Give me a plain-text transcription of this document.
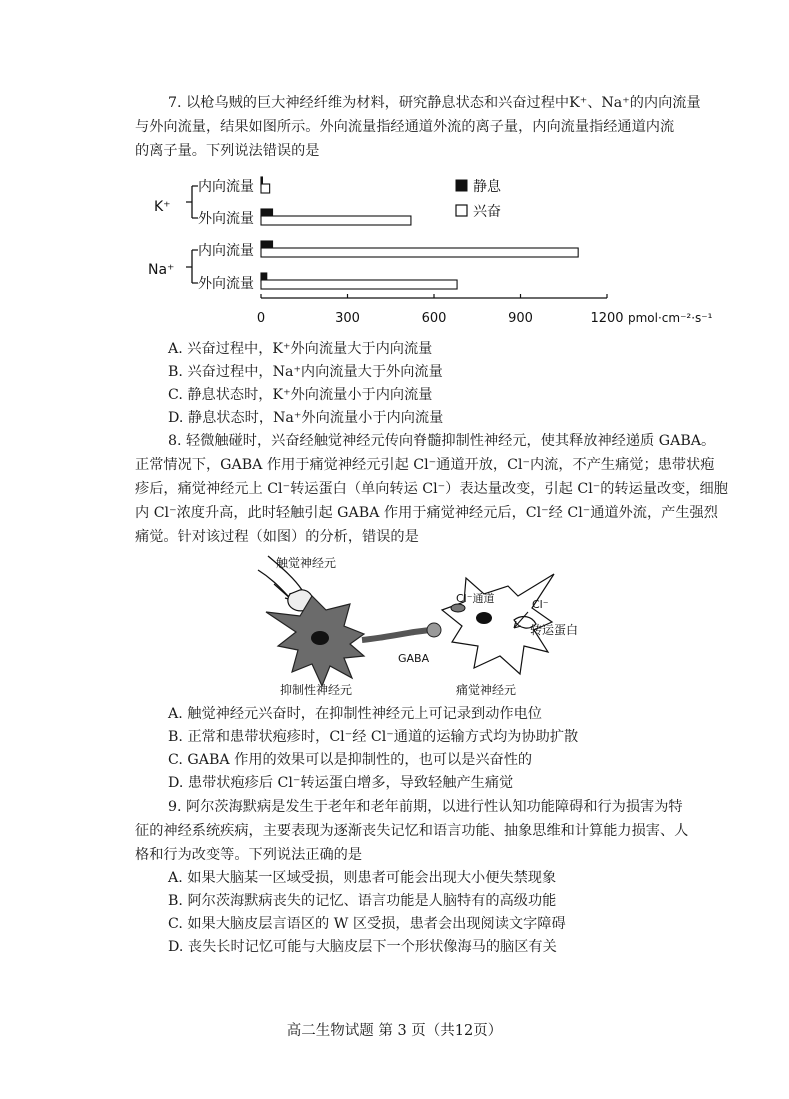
7. 以枪乌贼的巨大神经纤维为材料，研究静息状态和兴奋过程中K⁺、Na⁺的内向流量
与外向流量，结果如图所示。外向流量指经通道外流的离子量，内向流量指经通道内流
的离子量。下列说法错误的是
K⁺
Na⁺
内向流量
外向流量
内向流量
外向流量
0	300	600	900	1200 pmol·cm⁻²·s⁻¹
静息
兴奋
A. 兴奋过程中，K⁺外向流量大于内向流量
B. 兴奋过程中，Na⁺内向流量大于外向流量
C. 静息状态时，K⁺外向流量小于内向流量
D. 静息状态时，Na⁺外向流量小于内向流量
8. 轻微触碰时，兴奋经触觉神经元传向脊髓抑制性神经元，使其释放神经递质 GABA。
正常情况下，GABA 作用于痛觉神经元引起 Cl⁻通道开放，Cl⁻内流，不产生痛觉；患带状疱
疹后，痛觉神经元上 Cl⁻转运蛋白（单向转运 Cl⁻）表达量改变，引起 Cl⁻的转运量改变，细胞
内 Cl⁻浓度升高，此时轻触引起 GABA 作用于痛觉神经元后，Cl⁻经 Cl⁻通道外流，产生强烈
痛觉。针对该过程（如图）的分析，错误的是
触觉神经元
抑制性神经元
GABA
Cl⁻通道	Cl⁻
转运蛋白
痛觉神经元
A. 触觉神经元兴奋时，在抑制性神经元上可记录到动作电位
B. 正常和患带状疱疹时，Cl⁻经 Cl⁻通道的运输方式均为协助扩散
C. GABA 作用的效果可以是抑制性的，也可以是兴奋性的
D. 患带状疱疹后 Cl⁻转运蛋白增多，导致轻触产生痛觉
9. 阿尔茨海默病是发生于老年和老年前期，以进行性认知功能障碍和行为损害为特
征的神经系统疾病，主要表现为逐渐丧失记忆和语言功能、抽象思维和计算能力损害、人
格和行为改变等。下列说法正确的是
A. 如果大脑某一区域受损，则患者可能会出现大小便失禁现象
B. 阿尔茨海默病丧失的记忆、语言功能是人脑特有的高级功能
C. 如果大脑皮层言语区的 W 区受损，患者会出现阅读文字障碍
D. 丧失长时记忆可能与大脑皮层下一个形状像海马的脑区有关
高二生物试题 第 3 页（共12页）
